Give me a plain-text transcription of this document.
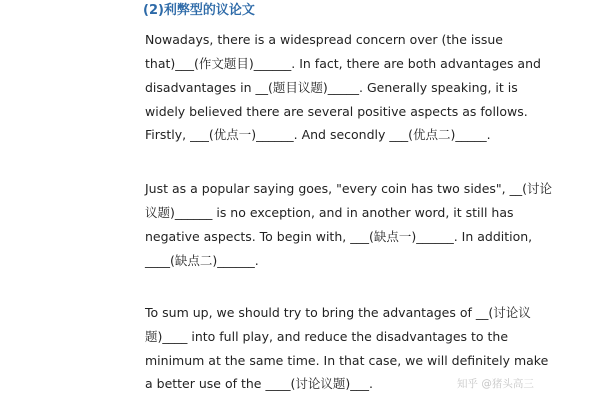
(2)利弊型的议论文
Nowadays, there is a widespread concern over (the issue
that)___(作文题目)______. In fact, there are both advantages and
disadvantages in __(题目议题)_____. Generally speaking, it is
widely believed there are several positive aspects as follows.
Firstly, ___(优点一)______. And secondly ___(优点二)_____.
Just as a popular saying goes, "every coin has two sides", __(讨论
议题)______ is no exception, and in another word, it still has
negative aspects. To begin with, ___(缺点一)______. In addition,
____(缺点二)______.
To sum up, we should try to bring the advantages of __(讨论议
题)____ into full play, and reduce the disadvantages to the
minimum at the same time. In that case, we will definitely make
a better use of the ____(讨论议题)___.	知乎 @猪头高三
